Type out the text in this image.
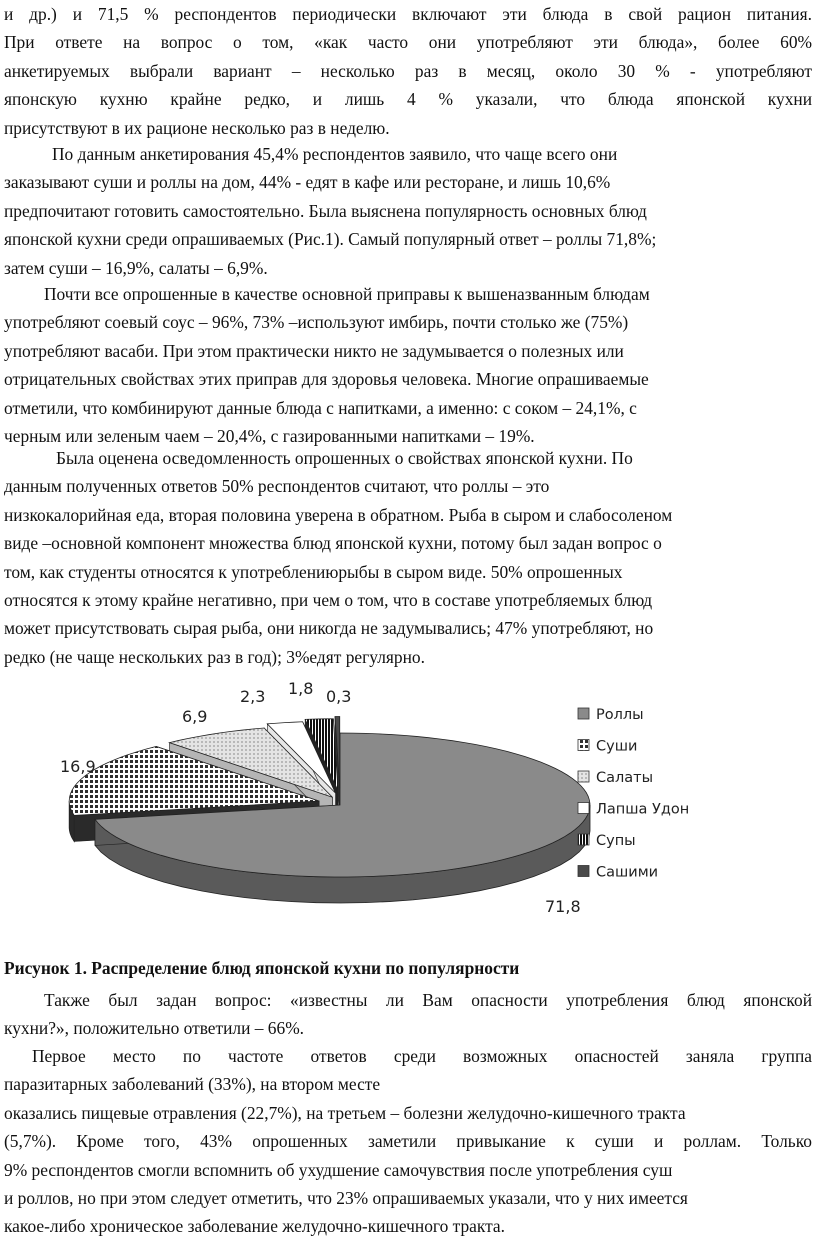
и др.) и 71,5 % респондентов периодически включают эти блюда в свой рацион питания.
При ответе на вопрос о том, «как часто они употребляют эти блюда», более 60%
анкетируемых выбрали вариант – несколько раз в месяц, около 30 % - употребляют
японскую кухню крайне редко, и лишь 4 % указали, что блюда японской кухни
присутствуют в их рационе несколько раз в неделю.
По данным анкетирования 45,4% респондентов заявило, что чаще всего они
заказывают суши и роллы на дом, 44% - едят в кафе или ресторане, и лишь 10,6%
предпочитают готовить самостоятельно. Была выяснена популярность основных блюд
японской кухни среди опрашиваемых (Рис.1). Самый популярный ответ – роллы 71,8%;
затем суши – 16,9%, салаты – 6,9%.
Почти все опрошенные в качестве основной приправы к вышеназванным блюдам
употребляют соевый соус – 96%, 73% –используют имбирь, почти столько же (75%)
употребляют васаби. При этом практически никто не задумывается о полезных или
отрицательных свойствах этих приправ для здоровья человека. Многие опрашиваемые
отметили, что комбинируют данные блюда с напитками, а именно: с соком – 24,1%, с
черным или зеленым чаем – 20,4%, с газированными напитками – 19%.
Была оценена осведомленность опрошенных о свойствах японской кухни. По
данным полученных ответов 50% респондентов считают, что роллы – это
низкокалорийная еда, вторая половина уверена в обратном. Рыба в сыром и слабосоленом
виде –основной компонент множества блюд японской кухни, потому был задан вопрос о
том, как студенты относятся к употреблениюрыбы в сыром виде. 50% опрошенных
относятся к этому крайне негативно, при чем о том, что в составе употребляемых блюд
может присутствовать сырая рыба, они никогда не задумывались; 47% употребляют, но
редко (не чаще нескольких раз в год); 3%едят регулярно.
71,8
16,9
6,9
2,3 1,8 0,3
Роллы
Суши
Салаты
Лапша Удон
Супы
Сашими
Рисунок 1. Распределение блюд японской кухни по популярности
Также был задан вопрос: «известны ли Вам опасности употребления блюд японской
кухни?», положительно ответили – 66%.
Первое место по частоте ответов среди возможных опасностей заняла группа
паразитарных заболеваний (33%), на втором месте
оказались пищевые отравления (22,7%), на третьем – болезни желудочно-кишечного тракта
(5,7%). Кроме того, 43% опрошенных заметили привыкание к суши и роллам. Только
9% респондентов смогли вспомнить об ухудшение самочувствия после употребления суш
и роллов, но при этом следует отметить, что 23% опрашиваемых указали, что у них имеется
какое-либо хроническое заболевание желудочно-кишечного тракта.
